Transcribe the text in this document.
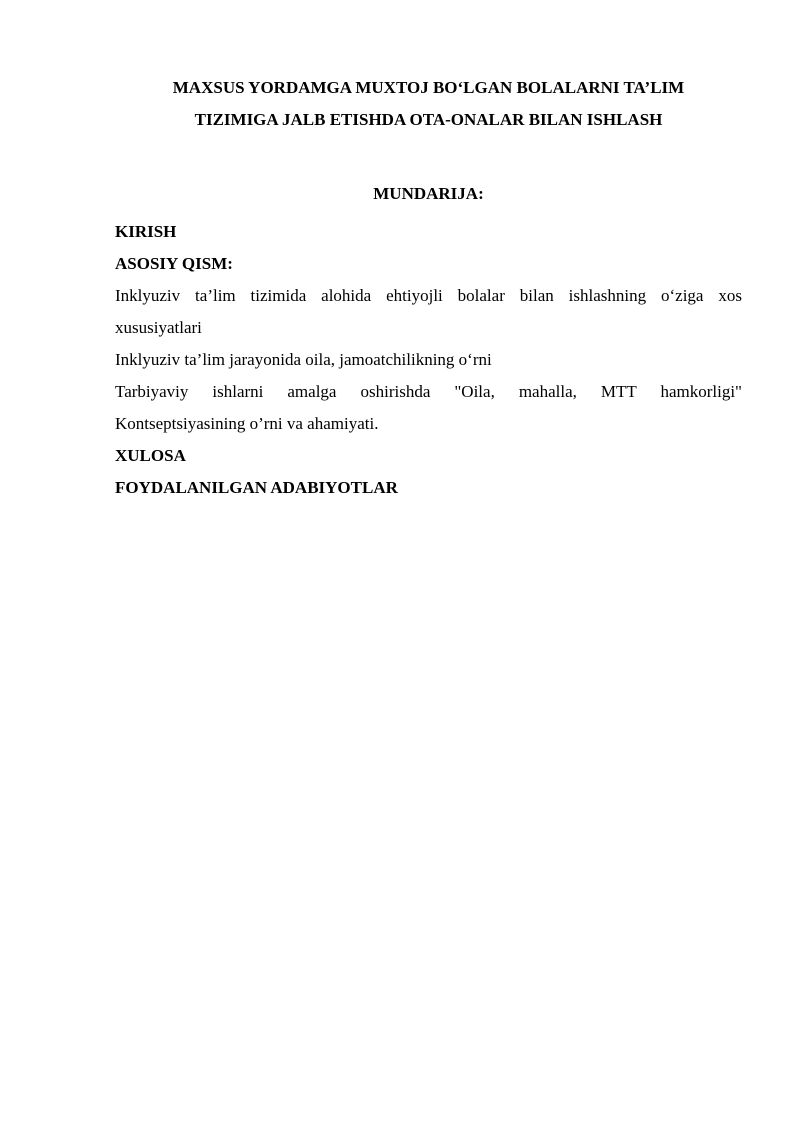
MAXSUS YORDAMGA MUXTOJ BO‘LGAN BOLALARNI TA’LIM
TIZIMIGA JALB ETISHDA OTA-ONALAR BILAN ISHLASH
MUNDARIJA:

KIRISH

ASOSIY QISM:

Inklyuziv ta’lim tizimida alohida ehtiyojli bolalar bilan ishlashning o‘ziga xos
xususiyatlari

Inklyuziv ta’lim jarayonida oila, jamoatchilikning o‘rni

Tarbiyaviy ishlarni amalga oshirishda "Oila, mahalla, MTT hamkorligi"
Kontseptsiyasining o’rni va ahamiyati.

XULOSA

FOYDALANILGAN ADABIYOTLAR
